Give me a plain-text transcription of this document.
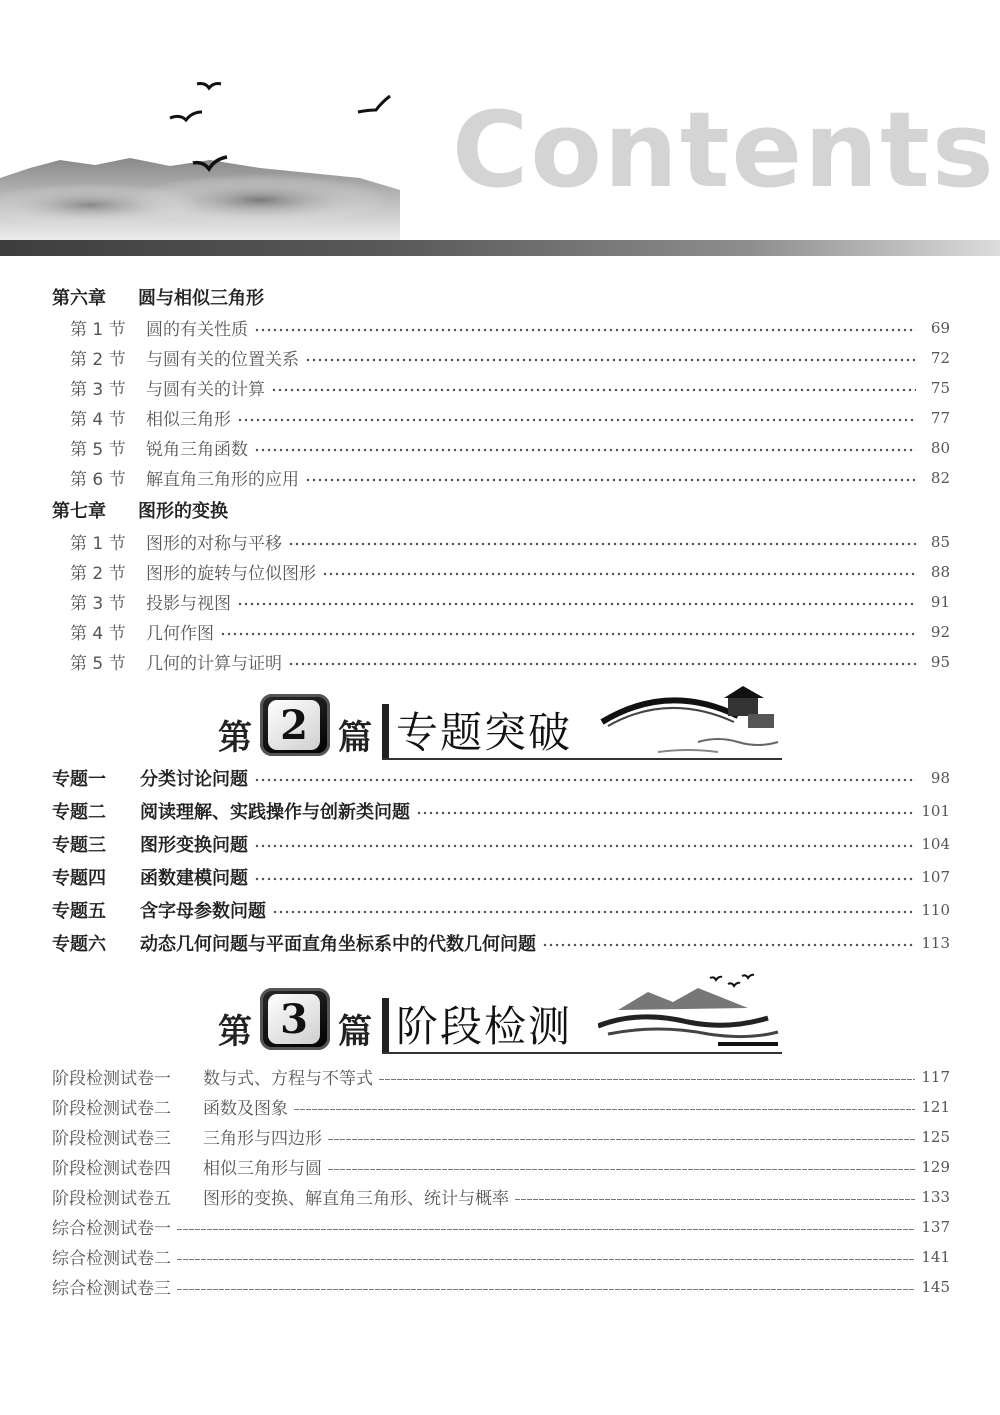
Contents
第六章	圆与相似三角形
第 1 节	圆的有关性质	69
第 2 节	与圆有关的位置关系	72
第 3 节	与圆有关的计算	75
第 4 节	相似三角形	77
第 5 节	锐角三角函数	80
第 6 节	解直角三角形的应用	82
第七章	图形的变换
第 1 节	图形的对称与平移	85
第 2 节	图形的旋转与位似图形	88
第 3 节	投影与视图	91
第 4 节	几何作图	92
第 5 节	几何的计算与证明	95
第 2 篇 专题突破
专题一	分类讨论问题	98
专题二	阅读理解、实践操作与创新类问题	101
专题三	图形变换问题	104
专题四	函数建模问题	107
专题五	含字母参数问题	110
专题六	动态几何问题与平面直角坐标系中的代数几何问题	113
第 3 篇 阶段检测
阶段检测试卷一	数与式、方程与不等式	117
阶段检测试卷二	函数及图象	121
阶段检测试卷三	三角形与四边形	125
阶段检测试卷四	相似三角形与圆	129
阶段检测试卷五	图形的变换、解直角三角形、统计与概率	133
综合检测试卷一	137
综合检测试卷二	141
综合检测试卷三	145
